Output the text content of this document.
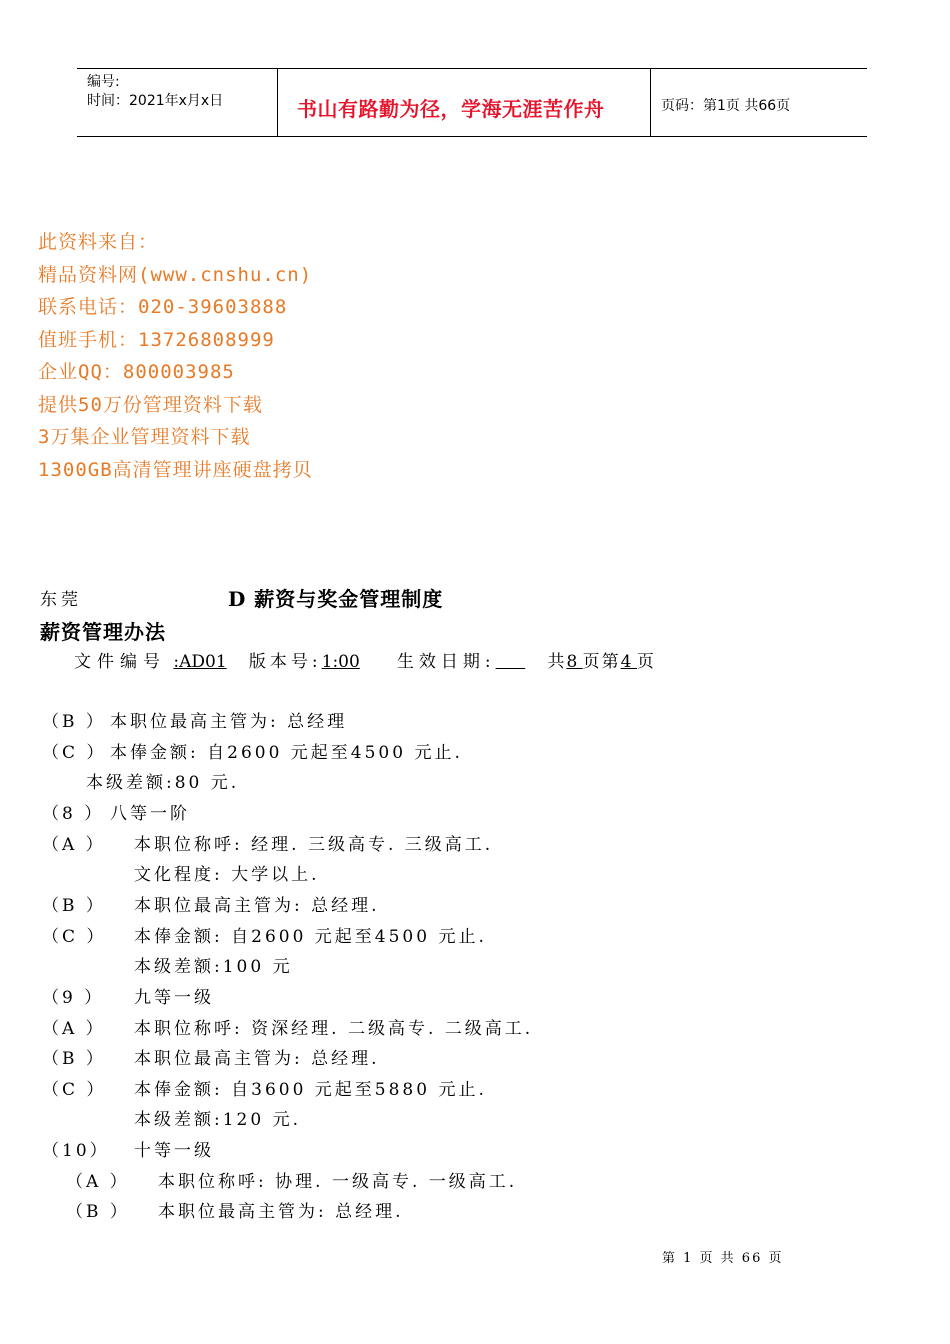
编号:
时间：2021年x月x日	书山有路勤为径，学海无涯苦作舟	页码：第1页 共66页
此资料来自：
精品资料网(www.cnshu.cn)
联系电话：020-39603888
值班手机：13726808999
企业QQ：800003985
提供50万份管理资料下载
3万集企业管理资料下载
1300GB高清管理讲座硬盘拷贝
东莞	D 薪资与奖金管理制度
薪资管理办法
文件编号 :AD01 版本号:1:00 生效日期:	共8 页第4 页
（B ） 本职位最高主管为: 总经理
（C ） 本俸金额: 自2600 元起至4500 元止.
本级差额:80 元.
（8 ） 八等一阶
（A ） 本职位称呼: 经理. 三级高专. 三级高工.
文化程度: 大学以上.
（B ） 本职位最高主管为: 总经理.
（C ） 本俸金额: 自2600 元起至4500 元止.
本级差额:100 元
（9 ） 九等一级
（A ） 本职位称呼: 资深经理. 二级高专. 二级高工.
（B ） 本职位最高主管为: 总经理.
（C ） 本俸金额: 自3600 元起至5880 元止.
本级差额:120 元.
（10） 十等一级
（A ） 本职位称呼: 协理. 一级高专. 一级高工.
（B ） 本职位最高主管为: 总经理.
第 1 页 共 66 页
